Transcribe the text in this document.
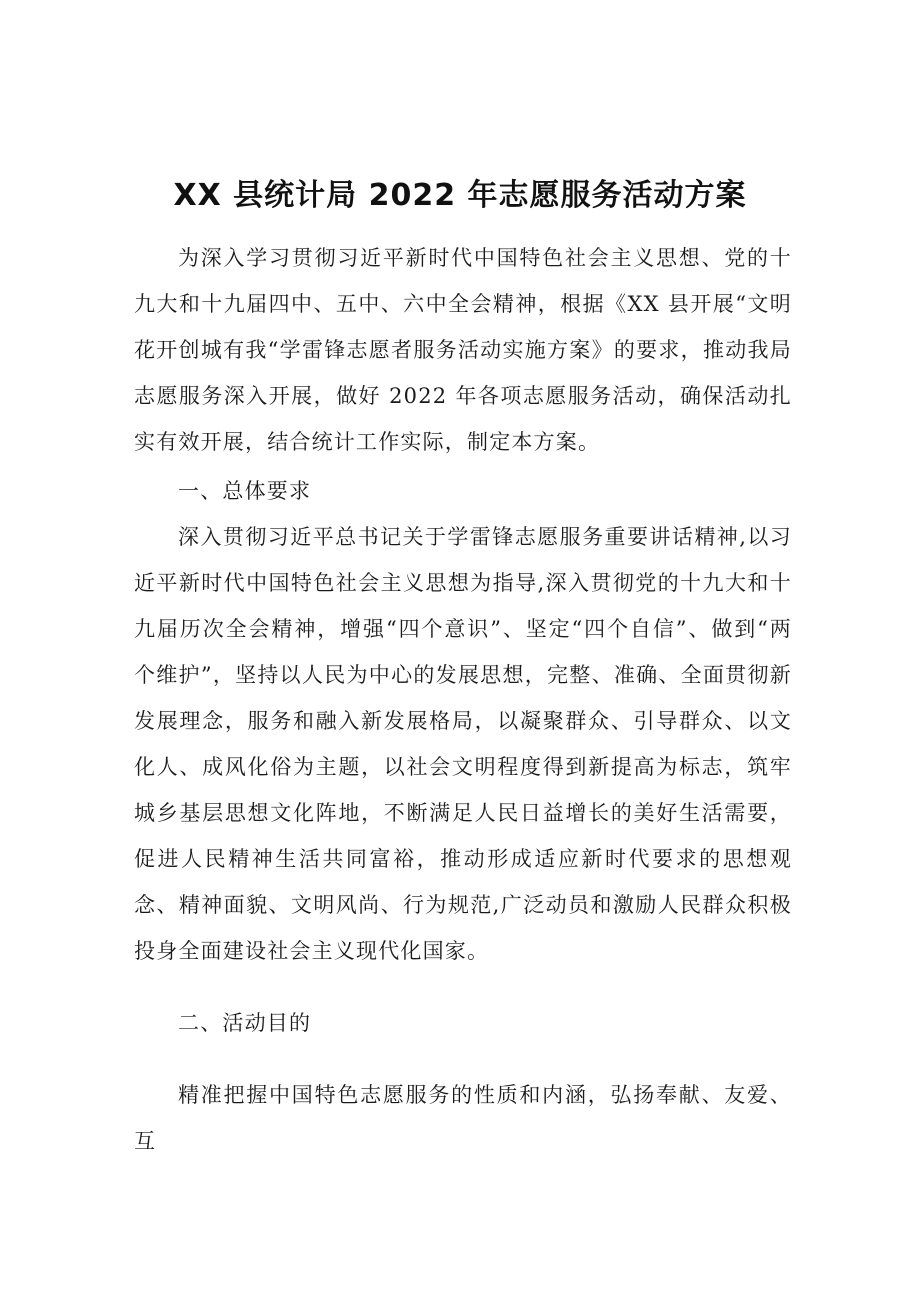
XX 县统计局 2022 年志愿服务活动方案

为深入学习贯彻习近平新时代中国特色社会主义思想、党的十九大和十九届四中、五中、六中全会精神，根据《XX 县开展“文明花开创城有我“学雷锋志愿者服务活动实施方案》的要求，推动我局志愿服务深入开展，做好 2022 年各项志愿服务活动，确保活动扎实有效开展，结合统计工作实际，制定本方案。

一、总体要求

深入贯彻习近平总书记关于学雷锋志愿服务重要讲话精神,以习近平新时代中国特色社会主义思想为指导,深入贯彻党的十九大和十九届历次全会精神，增强“四个意识”、坚定“四个自信”、做到“两个维护”，坚持以人民为中心的发展思想，完整、准确、全面贯彻新发展理念，服务和融入新发展格局，以凝聚群众、引导群众、以文化人、成风化俗为主题，以社会文明程度得到新提高为标志，筑牢城乡基层思想文化阵地，不断满足人民日益增长的美好生活需要，促进人民精神生活共同富裕，推动形成适应新时代要求的思想观念、精神面貌、文明风尚、行为规范,广泛动员和激励人民群众积极投身全面建设社会主义现代化国家。

二、活动目的

精准把握中国特色志愿服务的性质和内涵，弘扬奉献、友爱、互
